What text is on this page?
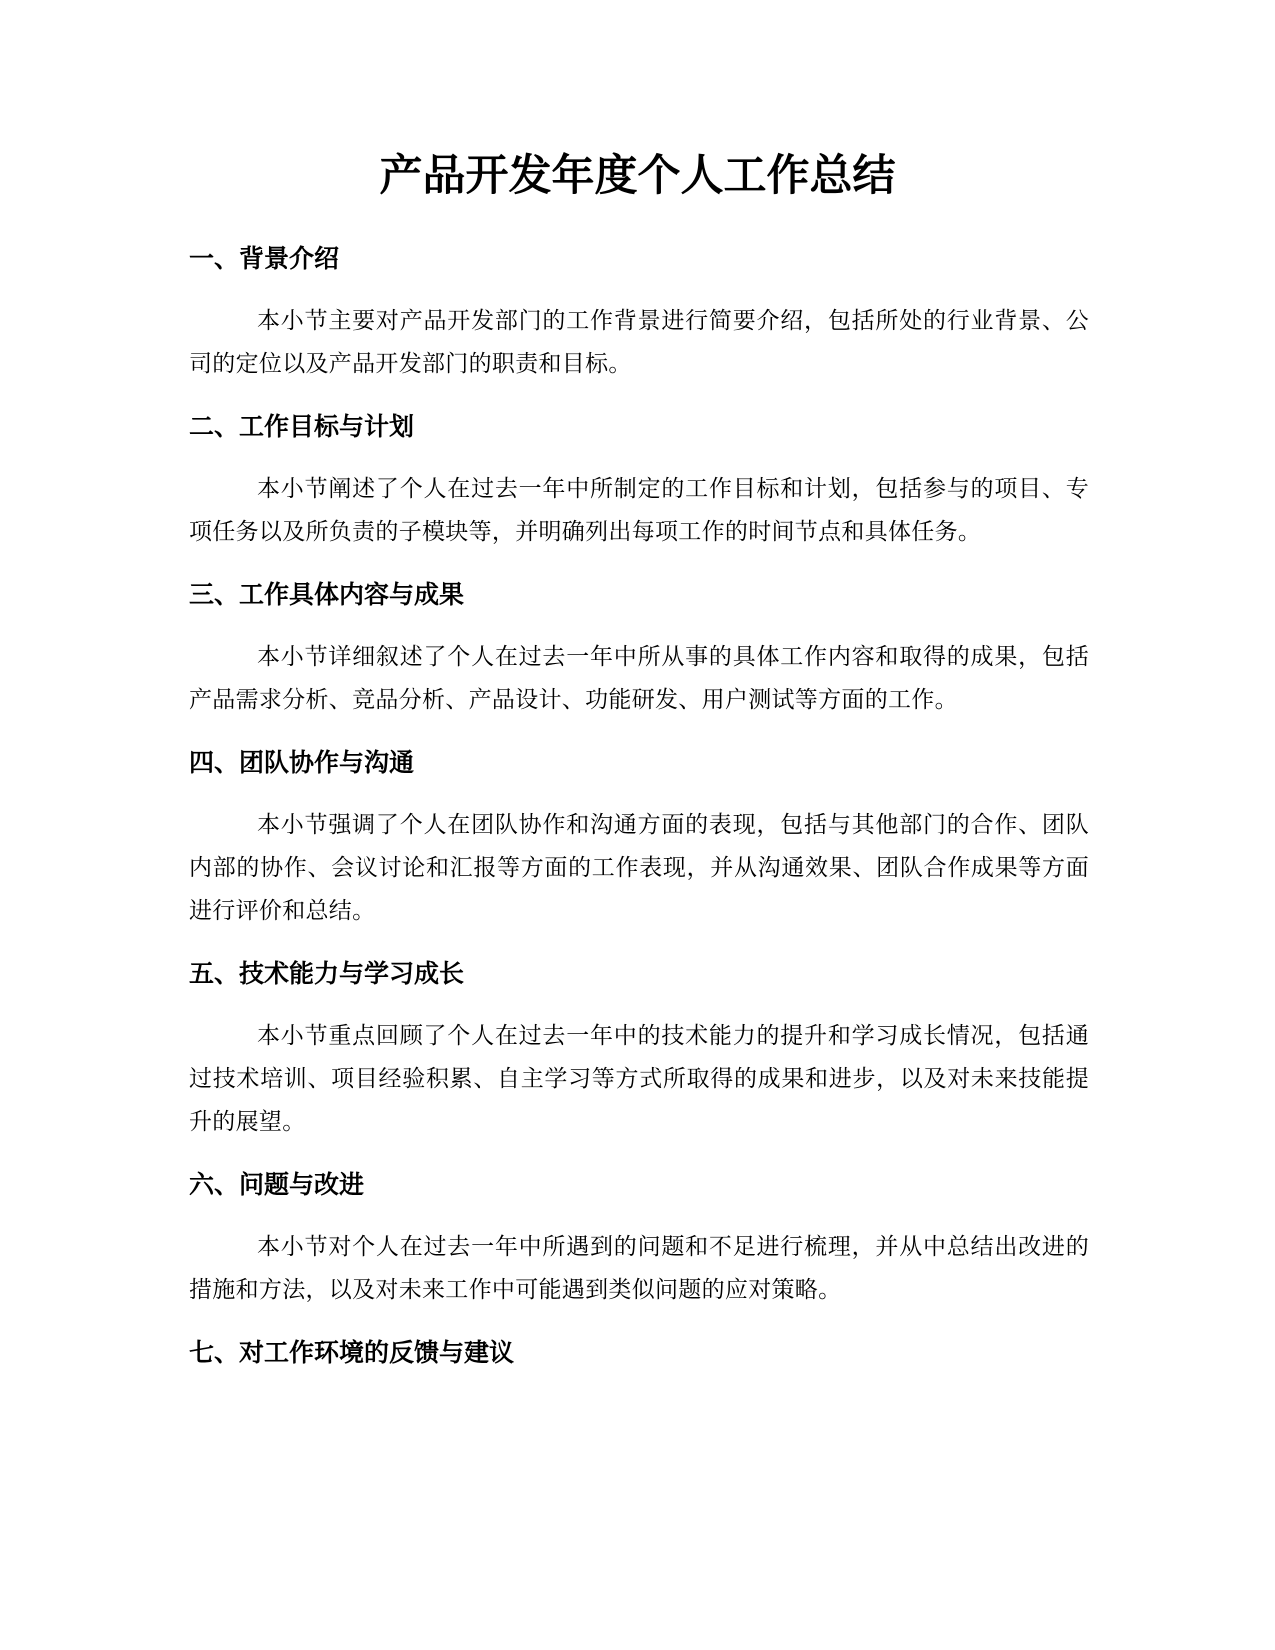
产品开发年度个人工作总结
一、背景介绍

本小节主要对产品开发部门的工作背景进行简要介绍，包括所处的行业背景、公司的定位以及产品开发部门的职责和目标。

二、工作目标与计划

本小节阐述了个人在过去一年中所制定的工作目标和计划，包括参与的项目、专项任务以及所负责的子模块等，并明确列出每项工作的时间节点和具体任务。

三、工作具体内容与成果

本小节详细叙述了个人在过去一年中所从事的具体工作内容和取得的成果，包括产品需求分析、竞品分析、产品设计、功能研发、用户测试等方面的工作。

四、团队协作与沟通

本小节强调了个人在团队协作和沟通方面的表现，包括与其他部门的合作、团队内部的协作、会议讨论和汇报等方面的工作表现，并从沟通效果、团队合作成果等方面进行评价和总结。

五、技术能力与学习成长

本小节重点回顾了个人在过去一年中的技术能力的提升和学习成长情况，包括通过技术培训、项目经验积累、自主学习等方式所取得的成果和进步，以及对未来技能提升的展望。

六、问题与改进

本小节对个人在过去一年中所遇到的问题和不足进行梳理，并从中总结出改进的措施和方法，以及对未来工作中可能遇到类似问题的应对策略。

七、对工作环境的反馈与建议
